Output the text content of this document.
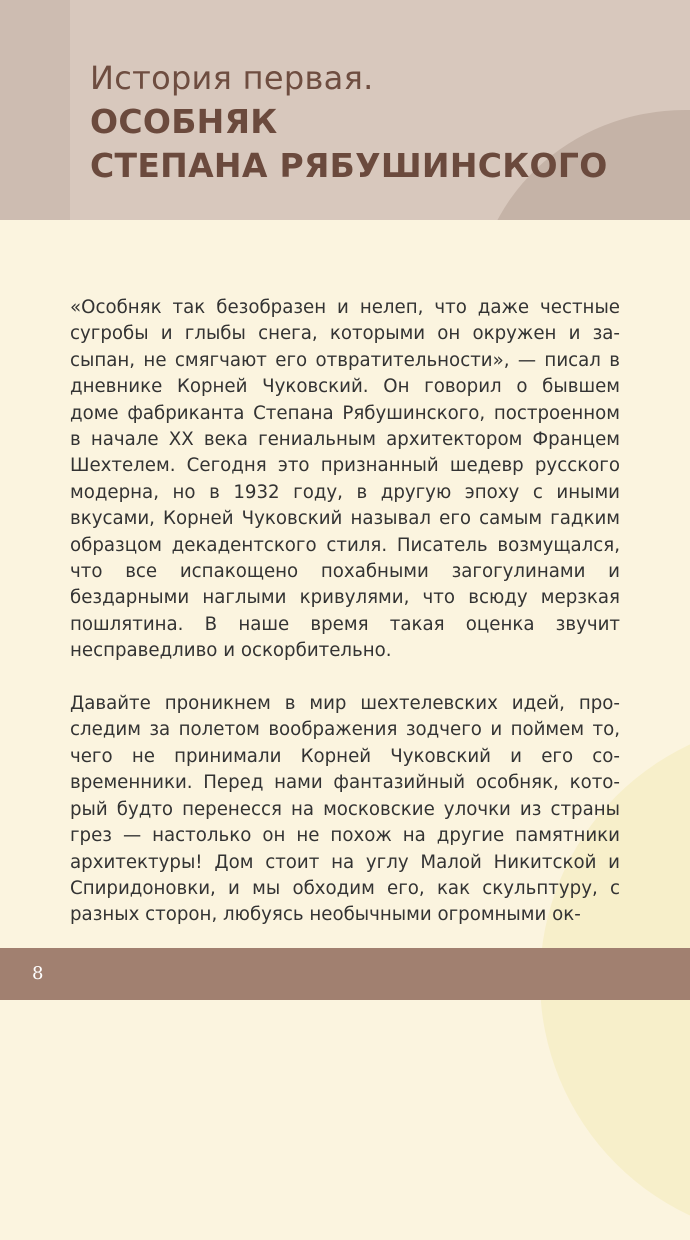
История первая.
ОСОБНЯК
СТЕПАНА РЯБУШИНСКОГО

«Особняк так безобразен и нелеп, что даже честные сугробы и глыбы снега, которыми он окружен и засыпан, не смягчают его отвратительности», — писал в дневнике Корней Чуковский. Он говорил о бывшем доме фабриканта Степана Рябушинского, построенном в начале XX века гениальным архитектором Францем Шехтелем. Сегодня это признанный шедевр русского модерна, но в 1932 году, в другую эпоху с иными вкусами, Корней Чуковский называл его самым гадким образцом декадентского стиля. Писатель возмущался, что все испакощено похабными загогулинами и бездарными наглыми кривулями, что всюду мерзкая пошлятина. В наше время такая оценка звучит несправедливо и оскорбительно.

Давайте проникнем в мир шехтелевских идей, проследим за полетом воображения зодчего и поймем то, чего не принимали Корней Чуковский и его современники. Перед нами фантазийный особняк, который будто перенесся на московские улочки из страны грез — настолько он не похож на другие памятники архитектуры! Дом стоит на углу Малой Никитской и Спиридоновки, и мы обходим его, как скульптуру, с разных сторон, любуясь необычными огромными ок-

8
